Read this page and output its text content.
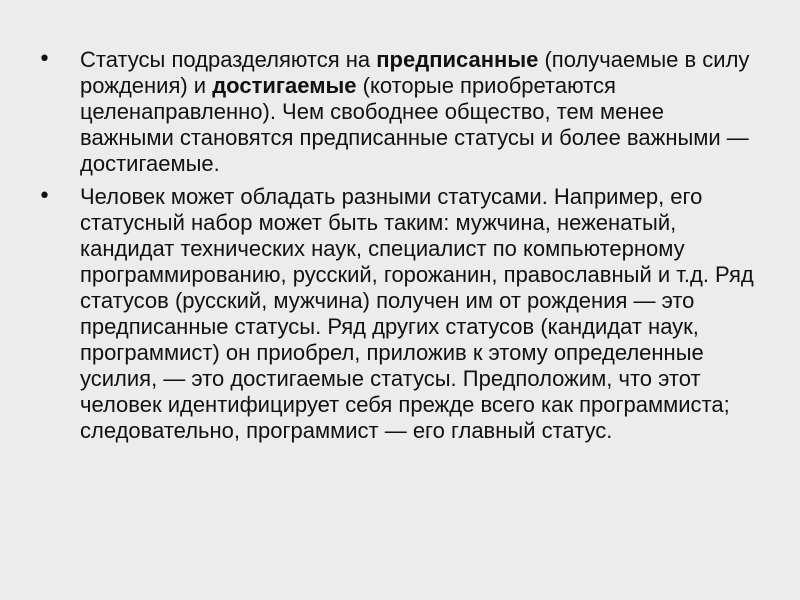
•	Статусы подразделяются на предписанные (получаемые в силу рождения) и достигаемые (которые приобретаются целенаправленно). Чем свободнее общество, тем менее важными становятся предписанные статусы и более важными — достигаемые.
•	Человек может обладать разными статусами. Например, его статусный набор может быть таким: мужчина, неженатый, кандидат технических наук, специалист по компьютерному программированию, русский, горожанин, православный и т.д. Ряд статусов (русский, мужчина) получен им от рождения — это предписанные статусы. Ряд других статусов (кандидат наук, программист) он приобрел, приложив к этому определенные усилия, — это достигаемые статусы. Предположим, что этот человек идентифицирует себя прежде всего как программиста; следовательно, программист — его главный статус.
